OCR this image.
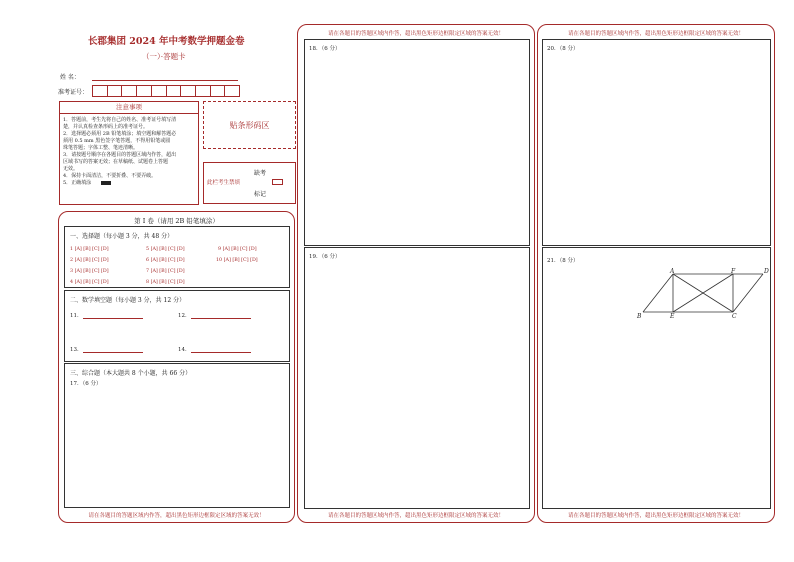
长郡集团 2024 年中考数学押题金卷
（一）·答题卡
姓 名：
准考证号：
注意事项
1．答题前，考生先将自己的姓名、准考证号填写清
楚，并认真检查条形码上的准考证号。
2．选择题必须用 2B 铅笔填涂；填空题和解答题必
须用 0.5 mm 黑色签字笔答题，不得用铅笔或圆
珠笔答题；字体工整、笔迹清晰。
3．请按题号顺序在各题目的答题区域内作答，超出
区域书写的答案无效；在草稿纸、试题卷上答题
无效。
4．保持卡面清洁，不要折叠、不要弄破。
5．正确填涂
贴条形码区
此栏考生禁填
缺考
标记
第 I 卷（请用 2B 铅笔填涂）
一、选择题（每小题 3 分，共 48 分）
1 [A] [B] [C] [D]	5 [A] [B] [C] [D]	9 [A] [B] [C] [D]
2 [A] [B] [C] [D]	6 [A] [B] [C] [D]	10 [A] [B] [C] [D]
3 [A] [B] [C] [D]	7 [A] [B] [C] [D]
4 [A] [B] [C] [D]	8 [A] [B] [C] [D]
二、数学填空题（每小题 3 分，共 12 分）
11．	12．
13．	14．
三、综合题（本大题共 8 个小题，共 66 分）
17．（6 分）
请在各题目的答题区域内作答，超出黑色矩形边框限定区域的答案无效！
请在各题目的答题区域内作答，超出黑色矩形边框限定区域的答案无效！
18．（6 分）
19．（6 分）
请在各题目的答题区域内作答，超出黑色矩形边框限定区域的答案无效！
请在各题目的答题区域内作答，超出黑色矩形边框限定区域的答案无效！
20．（8 分）
21．（8 分）
A	F	D
B	E	C
请在各题目的答题区域内作答，超出黑色矩形边框限定区域的答案无效！
